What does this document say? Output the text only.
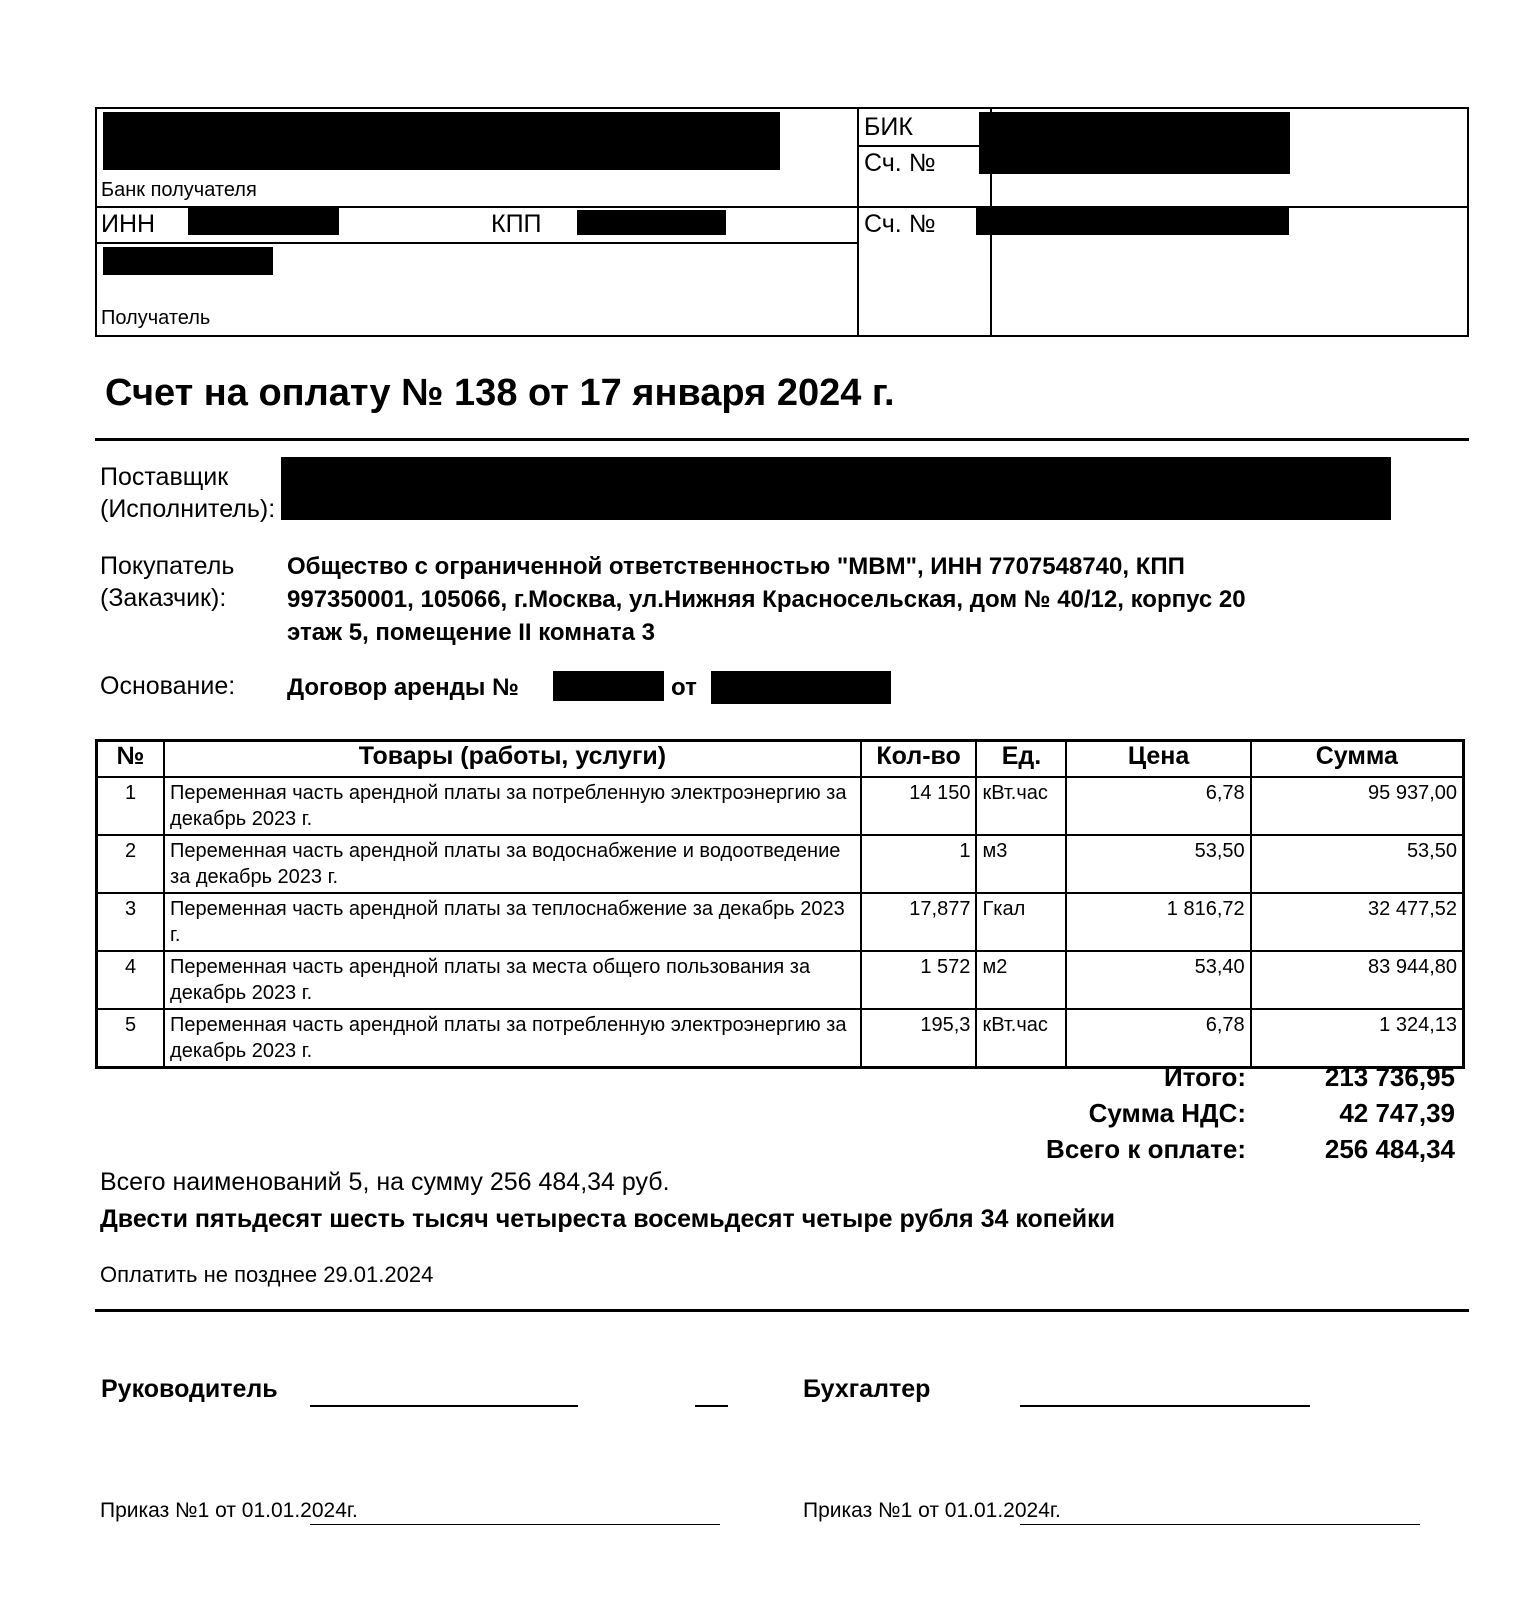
Банк получателя
БИК
Сч. №
ИНН	КПП	Сч. №
Получатель
Счет на оплату № 138 от 17 января 2024 г.
Поставщик
(Исполнитель):
Покупатель
(Заказчик):
Общество с ограниченной ответственностью "МВМ", ИНН 7707548740, КПП
997350001, 105066, г.Москва, ул.Нижняя Красносельская, дом № 40/12, корпус 20
этаж 5, помещение II комната 3
Основание: Договор аренды №	от
№	Товары (работы, услуги)	Кол-во	Ед.	Цена	Сумма
1	Переменная часть арендной платы за потребленную электроэнергию за декабрь 2023 г.	14 150	кВт.час	6,78	95 937,00
2	Переменная часть арендной платы за водоснабжение и водоотведение за декабрь 2023 г.	1	м3	53,50	53,50
3	Переменная часть арендной платы за теплоснабжение за декабрь 2023 г.	17,877	Гкал	1 816,72	32 477,52
4	Переменная часть арендной платы за места общего пользования за декабрь 2023 г.	1 572	м2	53,40	83 944,80
5	Переменная часть арендной платы за потребленную электроэнергию за декабрь 2023 г.	195,3	кВт.час	6,78	1 324,13
Итого:	213 736,95
Сумма НДС:	42 747,39
Всего к оплате:	256 484,34
Всего наименований 5, на сумму 256 484,34 руб.
Двести пятьдесят шесть тысяч четыреста восемьдесят четыре рубля 34 копейки
Оплатить не позднее 29.01.2024
Руководитель	Бухгалтер
Приказ №1 от 01.01.2024г.	Приказ №1 от 01.01.2024г.
